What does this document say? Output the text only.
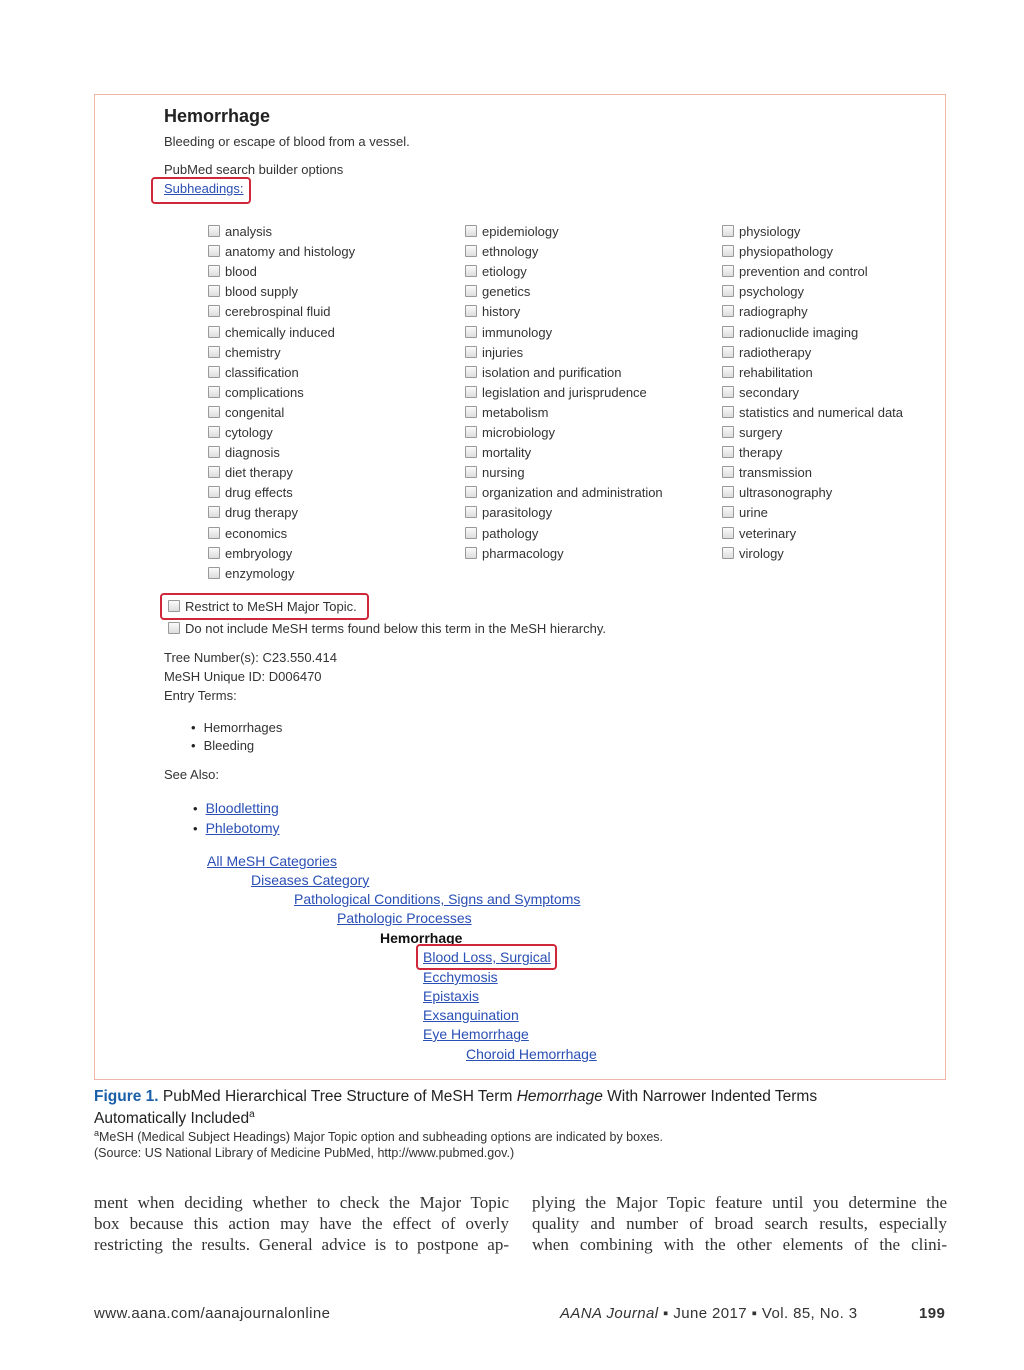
Hemorrhage
Bleeding or escape of blood from a vessel.
PubMed search builder options
Subheadings:
analysis
anatomy and histology
blood
blood supply
cerebrospinal fluid
chemically induced
chemistry
classification
complications
congenital
cytology
diagnosis
diet therapy
drug effects
drug therapy
economics
embryology
enzymology
epidemiology
ethnology
etiology
genetics
history
immunology
injuries
isolation and purification
legislation and jurisprudence
metabolism
microbiology
mortality
nursing
organization and administration
parasitology
pathology
pharmacology
physiology
physiopathology
prevention and control
psychology
radiography
radionuclide imaging
radiotherapy
rehabilitation
secondary
statistics and numerical data
surgery
therapy
transmission
ultrasonography
urine
veterinary
virology
Restrict to MeSH Major Topic.
Do not include MeSH terms found below this term in the MeSH hierarchy.
Tree Number(s): C23.550.414
MeSH Unique ID: D006470
Entry Terms:
• Hemorrhages
• Bleeding
See Also:
• Bloodletting
• Phlebotomy
All MeSH Categories
Diseases Category
Pathological Conditions, Signs and Symptoms
Pathologic Processes
Hemorrhage
Blood Loss, Surgical
Ecchymosis
Epistaxis
Exsanguination
Eye Hemorrhage
Choroid Hemorrhage
Figure 1. PubMed Hierarchical Tree Structure of MeSH Term Hemorrhage With Narrower Indented Terms
Automatically Included$^a$
$^a$MeSH (Medical Subject Headings) Major Topic option and subheading options are indicated by boxes.
(Source: US National Library of Medicine PubMed, http://www.pubmed.gov.)
ment when deciding whether to check the Major Topic
box because this action may have the effect of overly
restricting the results. General advice is to postpone ap-
plying the Major Topic feature until you determine the
quality and number of broad search results, especially
when combining with the other elements of the clini-
www.aana.com/aanajournalonline	AANA Journal ▪ June 2017 ▪ Vol. 85, No. 3	199
